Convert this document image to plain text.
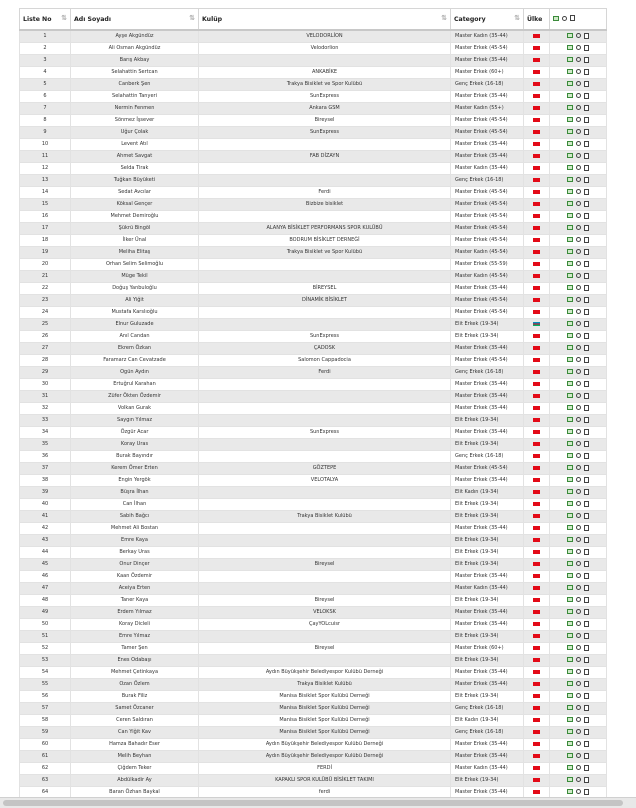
Liste No ⇅	Adı Soyadı ⇅	Kulüp ⇅	Category ⇅	Ülke	

1	Ayşe Akgündüz	VELODORLİON	Master Kadın (35-44)		

2	Ali Osman Akgündüz	Velodorlion	Master Erkek (45-54)		

3	Barış Akbay		Master Erkek (35-44)		

4	Selahattin Sertcan	ANKABİKE	Master Erkek (60+)		

5	Canberk Şen	Trakya Bisiklet ve Spor Kulübü	Genç Erkek (16-18)		

6	Selahattin Tanyeri	SunExpress	Master Erkek (35-44)		

7	Nermin Fenmen	Ankara GSM	Master Kadın (55+)		

8	Sönmez İşsever	Bireysel	Master Erkek (45-54)		

9	Uğur Çolak	SunExpress	Master Erkek (45-54)		

10	Levent Atıl		Master Erkek (35-44)		

11	Ahmet Savgat	FAB DİZAYN	Master Erkek (35-44)		

12	Selda Tirak		Master Kadın (35-44)		

13	Tuğkan Büyüketi		Genç Erkek (16-18)		

14	Sedat Avcılar	Ferdi	Master Erkek (45-54)		

15	Köksal Gençer	Bizbize bisiklet	Master Erkek (45-54)		

16	Mehmet Demiroğlu		Master Erkek (45-54)		

17	Şükrü Bingöl	ALANYA BİSİKLET PERFORMANS SPOR KULÜBÜ	Master Erkek (45-54)		

18	İlker Ünal	BODRUM BİSİKLET DERNEĞİ	Master Erkek (45-54)		

19	Meliha Elitaş	Trakya Bisiklet ve Spor Kulübü	Master Kadın (45-54)		

20	Orhan Selim Selimoğlu		Master Erkek (55-59)		

21	Müge Tekil		Master Kadın (45-54)		

22	Doğuş Yanbuloğlu	BİREYSEL	Master Erkek (35-44)		

23	Ali Yiğit	DİNAMİK BİSİKLET	Master Erkek (45-54)		

24	Mustafa Karslıoğlu		Master Erkek (45-54)		

25	Elnur Guluzade		Elit Erkek (19-34)		

26	Anıl Candan	SunExpress	Elit Erkek (19-34)		

27	Ekrem Özkan	ÇADOSK	Master Erkek (35-44)		

28	Faramarz Can Cevatzade	Salomon Cappadocia	Master Erkek (45-54)		

29	Ogün Aydın	Ferdi	Genç Erkek (16-18)		

30	Ertuğrul Karahan		Master Erkek (35-44)		

31	Züfer Ökten Özdemir		Master Erkek (35-44)		

32	Volkan Gurak		Master Erkek (35-44)		

33	Saygın Yılmaz		Elit Erkek (19-34)		

34	Özgür Acar	SunExpress	Master Erkek (35-44)		

35	Koray Uras		Elit Erkek (19-34)		

36	Burak Bayındır		Genç Erkek (16-18)		

37	Kerem Ömer Erten	GÖZTEPE	Master Erkek (45-54)		

38	Engin Yergök	VELOTALYA	Master Erkek (35-44)		

39	Büşra İlhan		Elit Kadın (19-34)		

40	Can İlhan		Elit Erkek (19-34)		

41	Sabih Bağcı	Trakya Bisiklet Kulübü	Elit Erkek (19-34)		

42	Mehmet Ali Bostan		Master Erkek (35-44)		

43	Emre Kaya		Elit Erkek (19-34)		

44	Berkay Uras		Elit Erkek (19-34)		

45	Onur Dinçer	Bireysel	Elit Erkek (19-34)		

46	Kaan Özdemir		Master Erkek (35-44)		

47	Aceiya Erten		Master Kadın (35-44)		

48	Taner Kaya	Bireysel	Elit Erkek (19-34)		

49	Erdem Yılmaz	VELOKSK	Master Erkek (35-44)		

50	Koray Dicleli	ÇayYOLcuisr	Master Erkek (35-44)		

51	Emre Yılmaz		Elit Erkek (19-34)		

52	Tamer Şen	Bireysel	Master Erkek (60+)		

53	Enes Odabaşı		Elit Erkek (19-34)		

54	Mehmet Çetinkaya	Aydın Büyükşehir Belediyespor Kulübü Derneği	Master Erkek (35-44)		

55	Ozan Özlem	Trakya Bisiklet Kulübü	Master Erkek (35-44)		

56	Burak Filiz	Manisa Bisiklet Spor Kulübü Derneği	Elit Erkek (19-34)		

57	Samet Özcaner	Manisa Bisiklet Spor Kulübü Derneği	Genç Erkek (16-18)		

58	Ceren Saldıran	Manisa Bisiklet Spor Kulübü Derneği	Elit Kadın (19-34)		

59	Can Yiğit Kav	Manisa Bisiklet Spor Kulübü Derneği	Genç Erkek (16-18)		

60	Hamza Bahadır Eser	Aydın Büyükşehir Belediyespor Kulübü Derneği	Master Erkek (35-44)		

61	Melih Beyhan	Aydın Büyükşehir Belediyespor Kulübü Derneği	Master Erkek (35-44)		

62	Çiğdem Teker	FERDİ	Master Kadın (35-44)		

63	Abdülkadir Ay	KAPAKLI SPOR KULÜBÜ BİSİKLET TAKIMI	Elit Erkek (19-34)		

64	Baran Özhan Baykal	ferdi	Master Erkek (35-44)		
